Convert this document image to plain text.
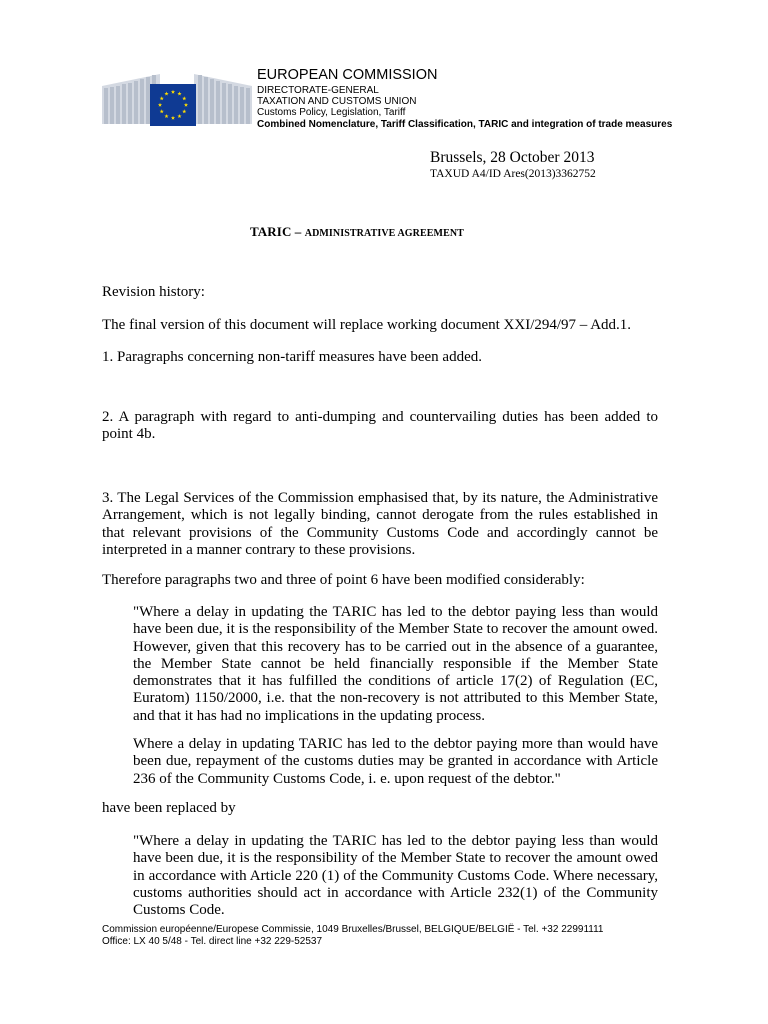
EUROPEAN COMMISSION
DIRECTORATE-GENERAL
TAXATION AND CUSTOMS UNION
Customs Policy, Legislation, Tariff
Combined Nomenclature, Tariff Classification, TARIC and integration of trade measures
Brussels, 28 October 2013
TAXUD A4/ID Ares(2013)3362752
TARIC – ADMINISTRATIVE AGREEMENT
Revision history:
The final version of this document will replace working document XXI/294/97 – Add.1.
1. Paragraphs concerning non-tariff measures have been added.
2. A paragraph with regard to anti-dumping and countervailing duties has been added to point 4b.
3. The Legal Services of the Commission emphasised that, by its nature, the Administrative Arrangement, which is not legally binding, cannot derogate from the rules established in that relevant provisions of the Community Customs Code and accordingly cannot be interpreted in a manner contrary to these provisions.
Therefore paragraphs two and three of point 6 have been modified considerably:
"Where a delay in updating the TARIC has led to the debtor paying less than would have been due, it is the responsibility of the Member State to recover the amount owed. However, given that this recovery has to be carried out in the absence of a guarantee, the Member State cannot be held financially responsible if the Member State demonstrates that it has fulfilled the conditions of article 17(2) of Regulation (EC, Euratom) 1150/2000, i.e. that the non-recovery is not attributed to this Member State, and that it has had no implications in the updating process.
Where a delay in updating TARIC has led to the debtor paying more than would have been due, repayment of the customs duties may be granted in accordance with Article 236 of the Community Customs Code, i. e. upon request of the debtor."
have been replaced by
"Where a delay in updating the TARIC has led to the debtor paying less than would have been due, it is the responsibility of the Member State to recover the amount owed in accordance with Article 220 (1) of the Community Customs Code. Where necessary, customs authorities should act in accordance with Article 232(1) of the Community Customs Code.
Commission européenne/Europese Commissie, 1049 Bruxelles/Brussel, BELGIQUE/BELGIË - Tel. +32 22991111
Office: LX 40 5/48 - Tel. direct line +32 229-52537
